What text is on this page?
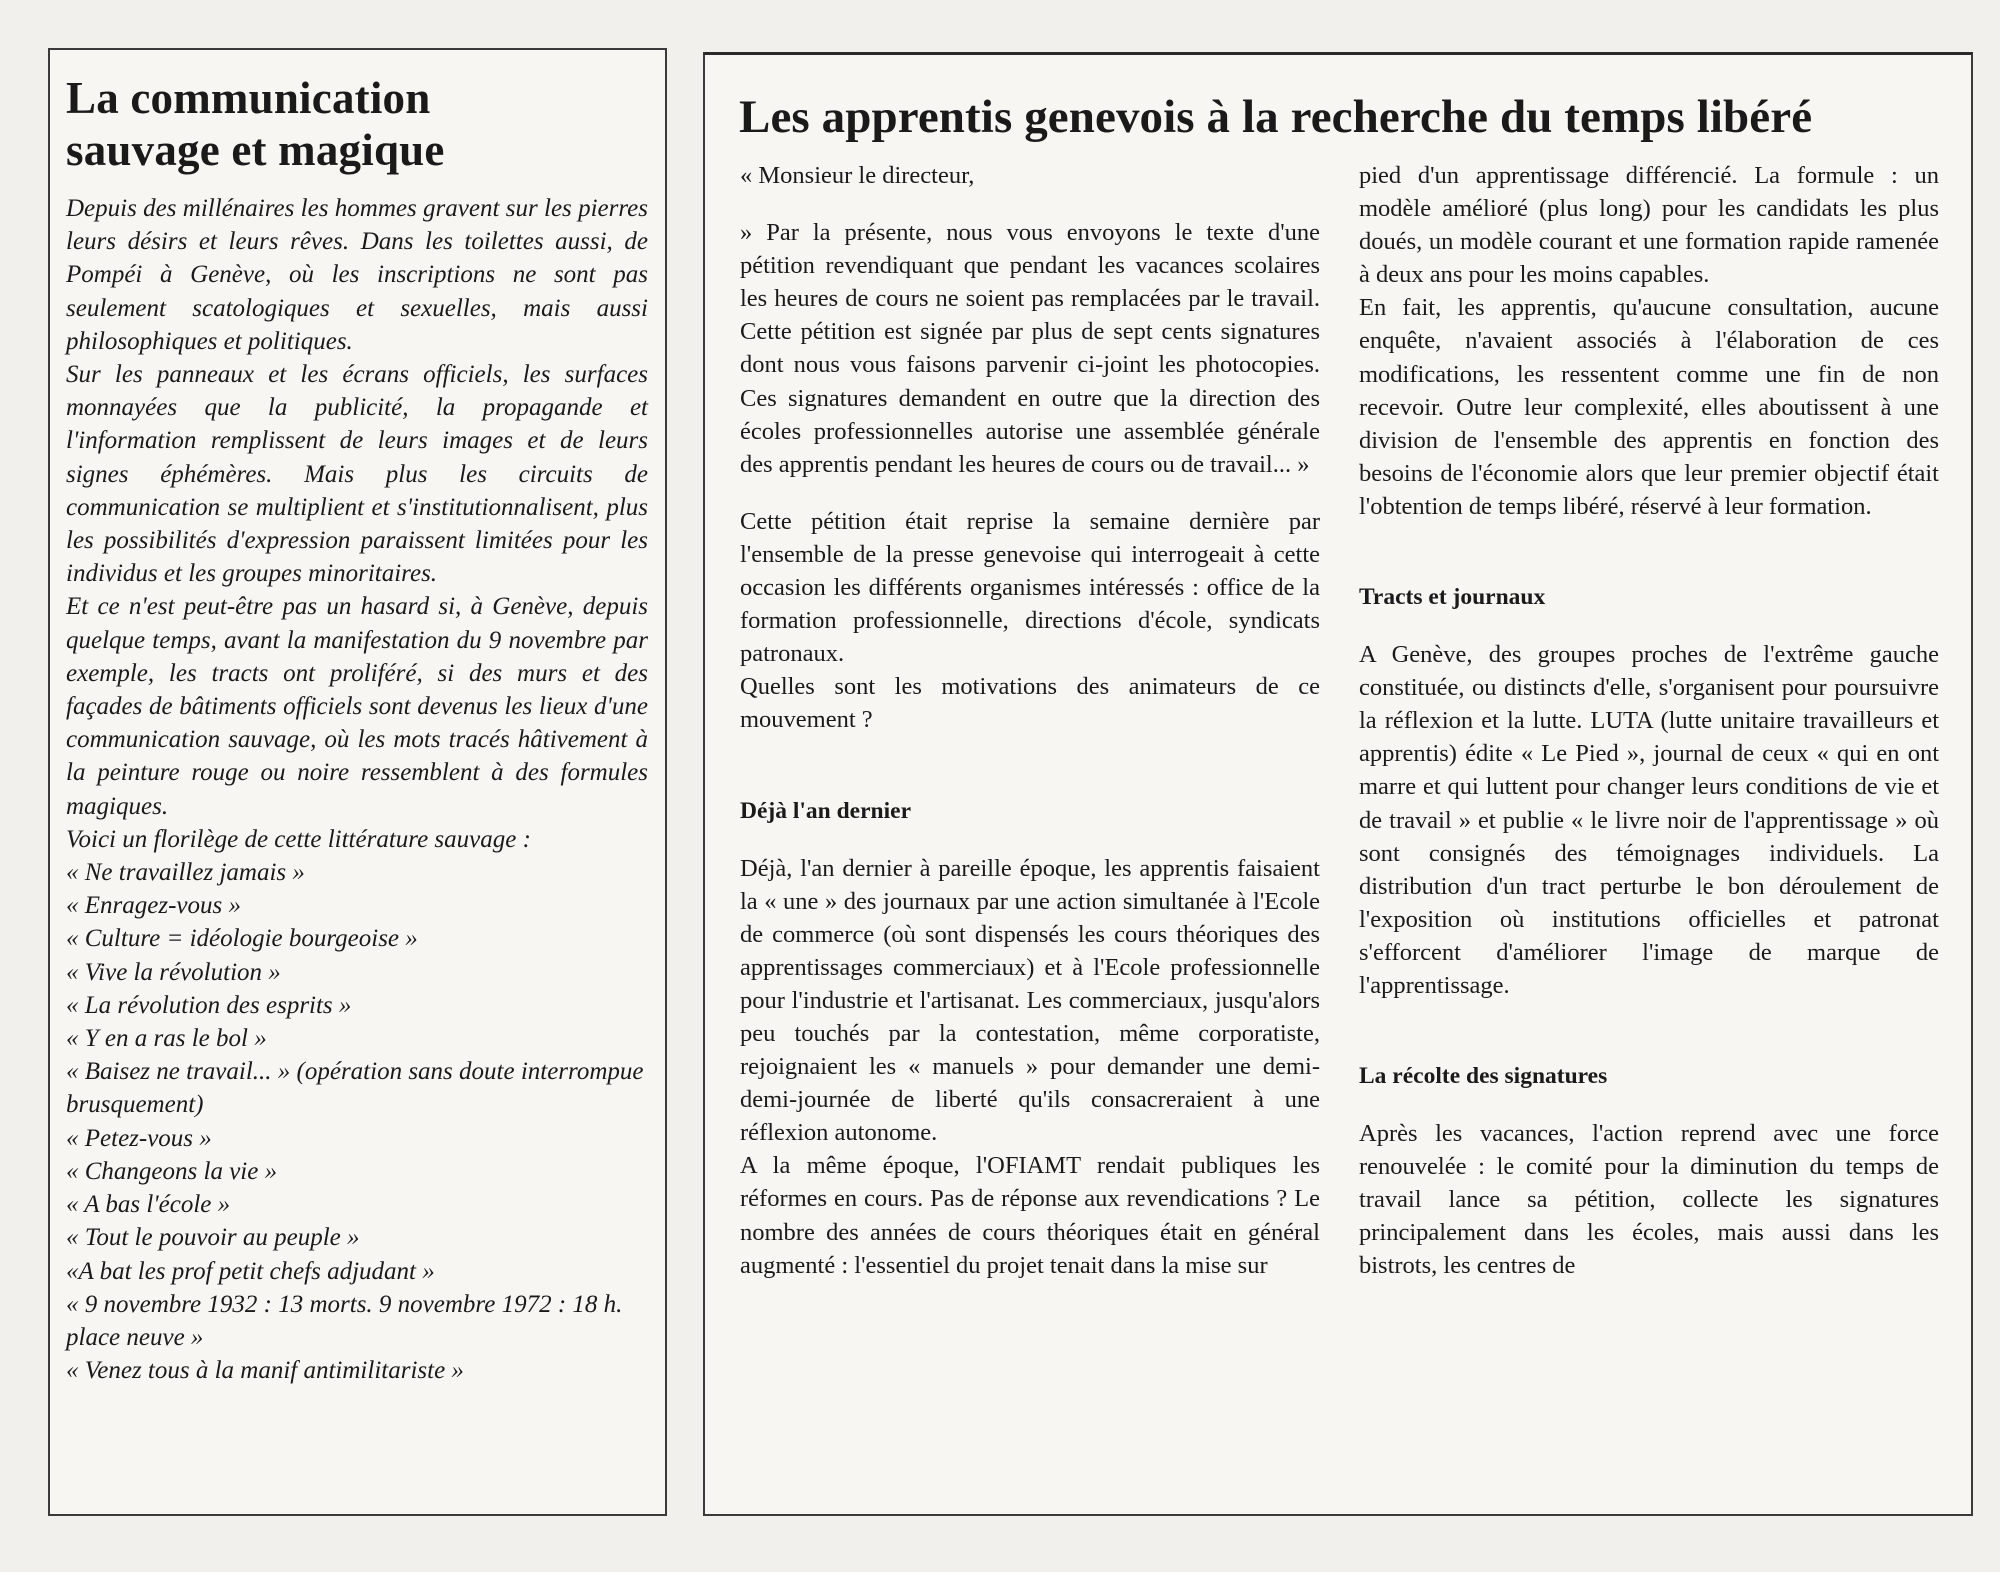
La communication
sauvage et magique

Depuis des millénaires les hommes gravent sur les pierres leurs désirs et leurs rêves. Dans les toilettes aussi, de Pompéi à Genève, où les inscriptions ne sont pas seulement scatologiques et sexuelles, mais aussi philosophiques et politiques.

Sur les panneaux et les écrans officiels, les surfaces monnayées que la publicité, la propagande et l'information remplissent de leurs images et de leurs signes éphémères. Mais plus les circuits de communication se multiplient et s'institutionnalisent, plus les possibilités d'expression paraissent limitées pour les individus et les groupes minoritaires.

Et ce n'est peut-être pas un hasard si, à Genève, depuis quelque temps, avant la manifestation du 9 novembre par exemple, les tracts ont proliféré, si des murs et des façades de bâtiments officiels sont devenus les lieux d'une communication sauvage, où les mots tracés hâtivement à la peinture rouge ou noire ressemblent à des formules magiques.

Voici un florilège de cette littérature sauvage :

« Ne travaillez jamais »
« Enragez-vous »
« Culture = idéologie bourgeoise »
« Vive la révolution »
« La révolution des esprits »
« Y en a ras le bol »
« Baisez ne travail... » (opération sans doute interrompue brusquement)
« Petez-vous »
« Changeons la vie »
« A bas l'école »
« Tout le pouvoir au peuple »
«A bat les prof petit chefs adjudant »
« 9 novembre 1932 : 13 morts. 9 novembre 1972 : 18 h. place neuve »
« Venez tous à la manif antimilitariste »
Les apprentis genevois à la recherche du temps libéré

« Monsieur le directeur,

» Par la présente, nous vous envoyons le texte d'une pétition revendiquant que pendant les vacances scolaires les heures de cours ne soient pas remplacées par le travail. Cette pétition est signée par plus de sept cents signatures dont nous vous faisons parvenir ci-joint les photocopies. Ces signatures demandent en outre que la direction des écoles professionnelles autorise une assemblée générale des apprentis pendant les heures de cours ou de travail... »

Cette pétition était reprise la semaine dernière par l'ensemble de la presse genevoise qui interrogeait à cette occasion les différents organismes intéressés : office de la formation professionnelle, directions d'école, syndicats patronaux.

Quelles sont les motivations des animateurs de ce mouvement ?

Déjà l'an dernier

Déjà, l'an dernier à pareille époque, les apprentis faisaient la « une » des journaux par une action simultanée à l'Ecole de commerce (où sont dispensés les cours théoriques des apprentissages commerciaux) et à l'Ecole professionnelle pour l'industrie et l'artisanat. Les commerciaux, jusqu'alors peu touchés par la contestation, même corporatiste, rejoignaient les « manuels » pour demander une demi-demi-journée de liberté qu'ils consacreraient à une réflexion autonome.

A la même époque, l'OFIAMT rendait publiques les réformes en cours. Pas de réponse aux revendications ? Le nombre des années de cours théoriques était en général augmenté : l'essentiel du projet tenait dans la mise sur

pied d'un apprentissage différencié. La formule : un modèle amélioré (plus long) pour les candidats les plus doués, un modèle courant et une formation rapide ramenée à deux ans pour les moins capables.

En fait, les apprentis, qu'aucune consultation, aucune enquête, n'avaient associés à l'élaboration de ces modifications, les ressentent comme une fin de non recevoir. Outre leur complexité, elles aboutissent à une division de l'ensemble des apprentis en fonction des besoins de l'économie alors que leur premier objectif était l'obtention de temps libéré, réservé à leur formation.

Tracts et journaux

A Genève, des groupes proches de l'extrême gauche constituée, ou distincts d'elle, s'organisent pour poursuivre la réflexion et la lutte. LUTA (lutte unitaire travailleurs et apprentis) édite « Le Pied », journal de ceux « qui en ont marre et qui luttent pour changer leurs conditions de vie et de travail » et publie « le livre noir de l'apprentissage » où sont consignés des témoignages individuels. La distribution d'un tract perturbe le bon déroulement de l'exposition où institutions officielles et patronat s'efforcent d'améliorer l'image de marque de l'apprentissage.

La récolte des signatures

Après les vacances, l'action reprend avec une force renouvelée : le comité pour la diminution du temps de travail lance sa pétition, collecte les signatures principalement dans les écoles, mais aussi dans les bistrots, les centres de
